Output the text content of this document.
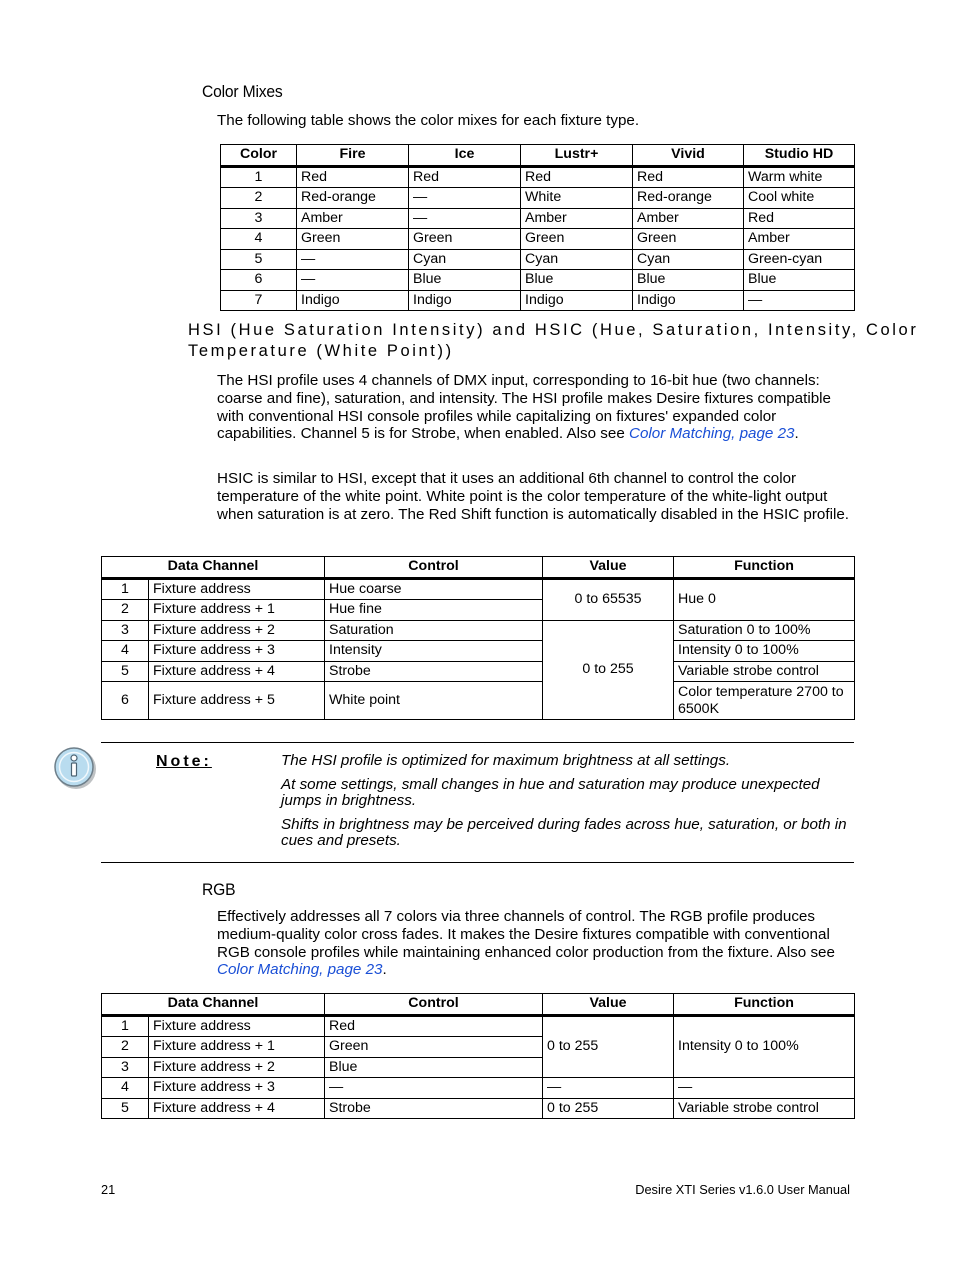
Color Mixes
The following table shows the color mixes for each fixture type.
Color	Fire	Ice	Lustr+	Vivid	Studio HD
1	Red	Red	Red	Red	Warm white
2	Red-orange	—	White	Red-orange	Cool white
3	Amber	—	Amber	Amber	Red
4	Green	Green	Green	Green	Amber
5	—	Cyan	Cyan	Cyan	Green-cyan
6	—	Blue	Blue	Blue	Blue
7	Indigo	Indigo	Indigo	Indigo	—
HSI (Hue Saturation Intensity) and HSIC (Hue, Saturation, Intensity, Color
Temperature (White Point))
The HSI profile uses 4 channels of DMX input, corresponding to 16-bit hue (two channels: coarse and fine), saturation, and intensity. The HSI profile makes Desire fixtures compatible with conventional HSI console profiles while capitalizing on fixtures' expanded color capabilities. Channel 5 is for Strobe, when enabled. Also see Color Matching, page 23.
HSIC is similar to HSI, except that it uses an additional 6th channel to control the color temperature of the white point. White point is the color temperature of the white-light output when saturation is at zero. The Red Shift function is automatically disabled in the HSIC profile.
Data Channel		Control	Value	Function
1	Fixture address	Hue coarse	0 to 65535	Hue 0
2	Fixture address + 1	Hue fine		
3	Fixture address + 2	Saturation	0 to 255	Saturation 0 to 100%
4	Fixture address + 3	Intensity		Intensity 0 to 100%
5	Fixture address + 4	Strobe		Variable strobe control
6	Fixture address + 5	White point		Color temperature 2700 to 6500K
Note:	The HSI profile is optimized for maximum brightness at all settings.
At some settings, small changes in hue and saturation may produce unexpected jumps in brightness.
Shifts in brightness may be perceived during fades across hue, saturation, or both in cues and presets.
RGB
Effectively addresses all 7 colors via three channels of control. The RGB profile produces medium-quality color cross fades. It makes the Desire fixtures compatible with conventional RGB console profiles while maintaining enhanced color production from the fixture. Also see Color Matching, page 23.
Data Channel		Control	Value	Function
1	Fixture address	Red	0 to 255	Intensity 0 to 100%
2	Fixture address + 1	Green		
3	Fixture address + 2	Blue		
4	Fixture address + 3	—	—	—
5	Fixture address + 4	Strobe	0 to 255	Variable strobe control
21	Desire XTI Series v1.6.0 User Manual
